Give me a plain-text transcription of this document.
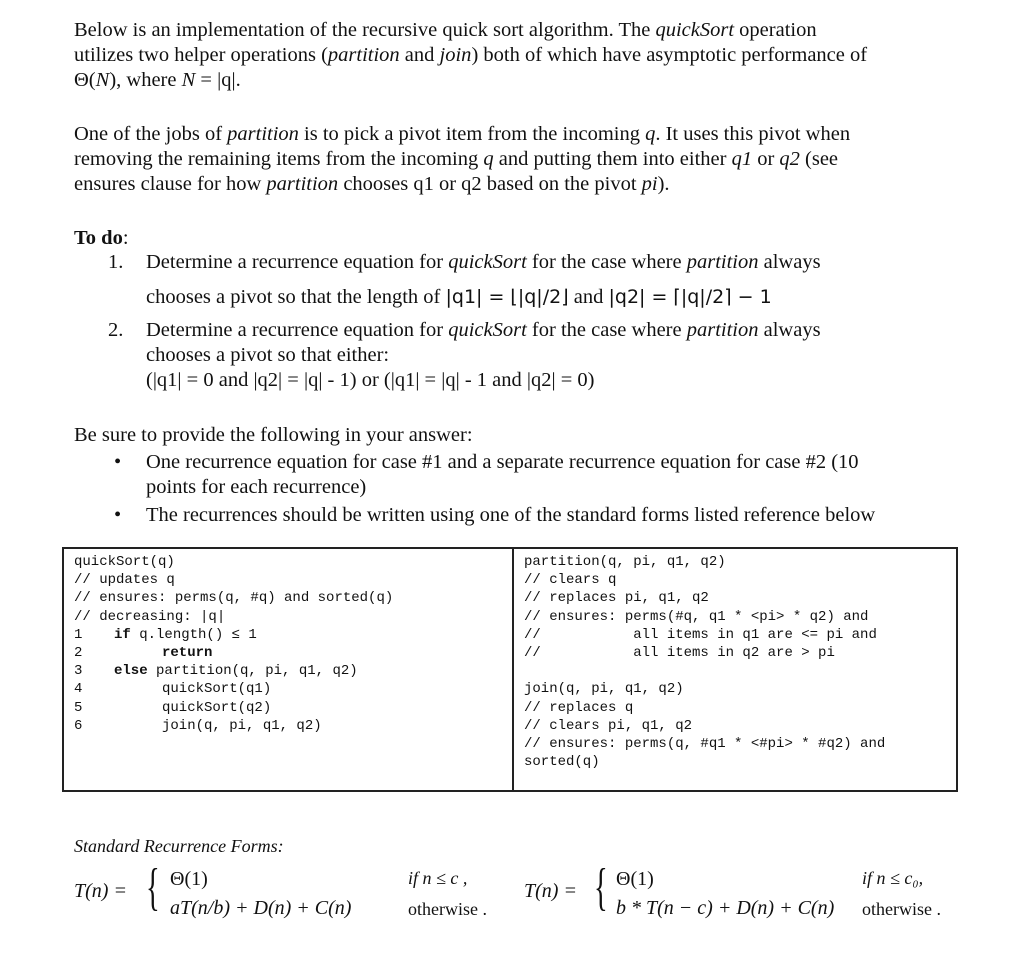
Below is an implementation of the recursive quick sort algorithm. The quickSort operation
utilizes two helper operations (partition and join) both of which have asymptotic performance of
Θ(N), where N = |q|.
One of the jobs of partition is to pick a pivot item from the incoming q. It uses this pivot when
removing the remaining items from the incoming q and putting them into either q1 or q2 (see
ensures clause for how partition chooses q1 or q2 based on the pivot pi).
To do:
1. Determine a recurrence equation for quickSort for the case where partition always
chooses a pivot so that the length of |q1| = ⌊|q|/2⌋ and |q2| = ⌈|q|/2⌉ − 1
2. Determine a recurrence equation for quickSort for the case where partition always
chooses a pivot so that either:
(|q1| = 0 and |q2| = |q| - 1) or (|q1| = |q| - 1 and |q2| = 0)
Be sure to provide the following in your answer:
• One recurrence equation for case #1 and a separate recurrence equation for case #2 (10
points for each recurrence)
• The recurrences should be written using one of the standard forms listed reference below
quickSort(q)
// updates q
// ensures: perms(q, #q) and sorted(q)
// decreasing: |q|
1 if q.length() ≤ 1
2	return
3 else partition(q, pi, q1, q2)
4	quickSort(q1)
5	quickSort(q2)
6	join(q, pi, q1, q2)
partition(q, pi, q1, q2)
// clears q
// replaces pi, q1, q2
// ensures: perms(#q, q1 * <pi> * q2) and
//           all items in q1 are <= pi and
//           all items in q2 are > pi

join(q, pi, q1, q2)
// replaces q
// clears pi, q1, q2
// ensures: perms(q, #q1 * <#pi> * #q2) and
sorted(q)
Standard Recurrence Forms:
T(n) = { Θ(1)	if n ≤ c ,
aT(n/b) + D(n) + C(n)	otherwise .
T(n) = { Θ(1)	if n ≤ c₀,
b * T(n − c) + D(n) + C(n) otherwise .
